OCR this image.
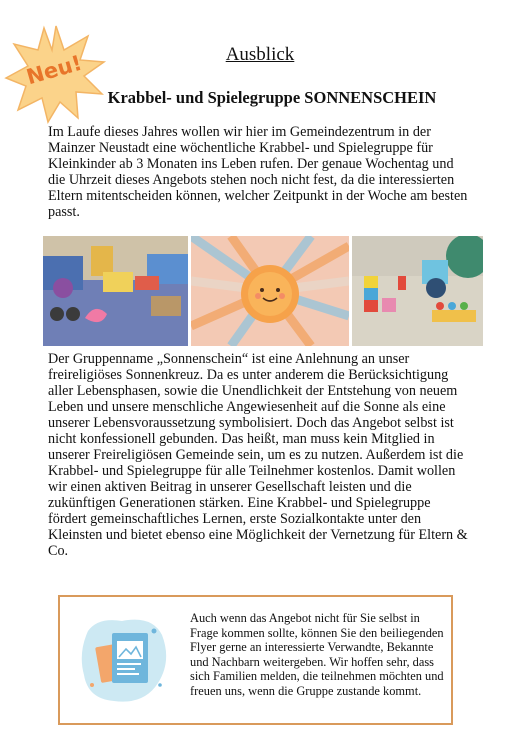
Neu!	Ausblick
Krabbel- und Spielegruppe SONNENSCHEIN

Im Laufe dieses Jahres wollen wir hier im Gemeindezentrum in der Mainzer Neustadt eine wöchentliche Krabbel- und Spielegruppe für Kleinkinder ab 3 Monaten ins Leben rufen. Der genaue Wochentag und die Uhrzeit dieses Angebots stehen noch nicht fest, da die interessierten Eltern mitentscheiden können, welcher Zeitpunkt in der Woche am besten passt.

Der Gruppenname „Sonnenschein“ ist eine Anlehnung an unser freireligiöses Sonnenkreuz. Da es unter anderem die Berücksichtigung aller Lebensphasen, sowie die Unendlichkeit der Entstehung von neuem Leben und unsere menschliche Angewiesenheit auf die Sonne als eine unserer Lebensvoraussetzung symbolisiert. Doch das Angebot selbst ist nicht konfessionell gebunden. Das heißt, man muss kein Mitglied in unserer Freireligiösen Gemeinde sein, um es zu nutzen. Außerdem ist die Krabbel- und Spielegruppe für alle Teilnehmer kostenlos. Damit wollen wir einen aktiven Beitrag in unserer Gesellschaft leisten und die zukünftigen Generationen stärken. Eine Krabbel- und Spielegruppe fördert gemeinschaftliches Lernen, erste Sozialkontakte unter den Kleinsten und bietet ebenso eine Möglichkeit der Vernetzung für Eltern & Co.

Auch wenn das Angebot nicht für Sie selbst in Frage kommen sollte, können Sie den beiliegenden Flyer gerne an interessierte Verwandte, Bekannte und Nachbarn weitergeben. Wir hoffen sehr, dass sich Familien melden, die teilnehmen möchten und freuen uns, wenn die Gruppe zustande kommt.
